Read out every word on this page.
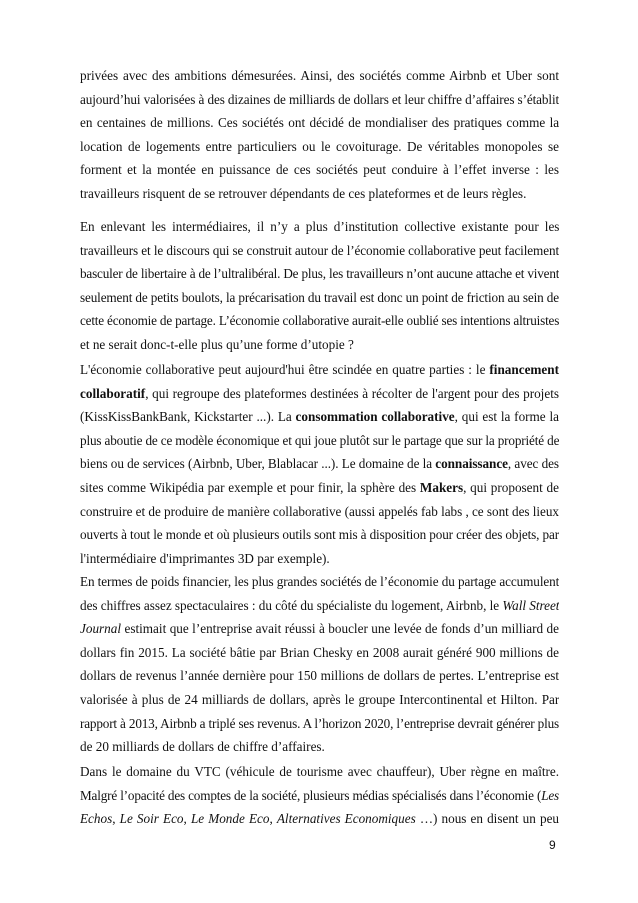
privées avec des ambitions démesurées. Ainsi, des sociétés comme Airbnb et Uber sont
aujourd’hui valorisées à des dizaines de milliards de dollars et leur chiffre d’affaires s’établit
en centaines de millions. Ces sociétés ont décidé de mondialiser des pratiques comme la
location de logements entre particuliers ou le covoiturage. De véritables monopoles se
forment et la montée en puissance de ces sociétés peut conduire à l’effet inverse : les
travailleurs risquent de se retrouver dépendants de ces plateformes et de leurs règles.
En enlevant les intermédiaires, il n’y a plus d’institution collective existante pour les
travailleurs et le discours qui se construit autour de l’économie collaborative peut facilement
basculer de libertaire à de l’ultralibéral. De plus, les travailleurs n’ont aucune attache et vivent
seulement de petits boulots, la précarisation du travail est donc un point de friction au sein de
cette économie de partage. L’économie collaborative aurait-elle oublié ses intentions altruistes
et ne serait donc-t-elle plus qu’une forme d’utopie ?
L'économie collaborative peut aujourd'hui être scindée en quatre parties : le financement
collaboratif, qui regroupe des plateformes destinées à récolter de l'argent pour des projets
(KissKissBankBank, Kickstarter ...). La consommation collaborative, qui est la forme la
plus aboutie de ce modèle économique et qui joue plutôt sur le partage que sur la propriété de
biens ou de services (Airbnb, Uber, Blablacar ...). Le domaine de la connaissance, avec des
sites comme Wikipédia par exemple et pour finir, la sphère des Makers, qui proposent de
construire et de produire de manière collaborative (aussi appelés fab labs , ce sont des lieux
ouverts à tout le monde et où plusieurs outils sont mis à disposition pour créer des objets, par
l'intermédiaire d'imprimantes 3D par exemple).
En termes de poids financier, les plus grandes sociétés de l’économie du partage accumulent
des chiffres assez spectaculaires : du côté du spécialiste du logement, Airbnb, le Wall Street
Journal estimait que l’entreprise avait réussi à boucler une levée de fonds d’un milliard de
dollars fin 2015. La société bâtie par Brian Chesky en 2008 aurait généré 900 millions de
dollars de revenus l’année dernière pour 150 millions de dollars de pertes. L’entreprise est
valorisée à plus de 24 milliards de dollars, après le groupe Intercontinental et Hilton. Par
rapport à 2013, Airbnb a triplé ses revenus. A l’horizon 2020, l’entreprise devrait générer plus
de 20 milliards de dollars de chiffre d’affaires.
Dans le domaine du VTC (véhicule de tourisme avec chauffeur), Uber règne en maître.
Malgré l’opacité des comptes de la société, plusieurs médias spécialisés dans l’économie (Les
Echos, Le Soir Eco, Le Monde Eco, Alternatives Economiques …) nous en disent un peu
9
